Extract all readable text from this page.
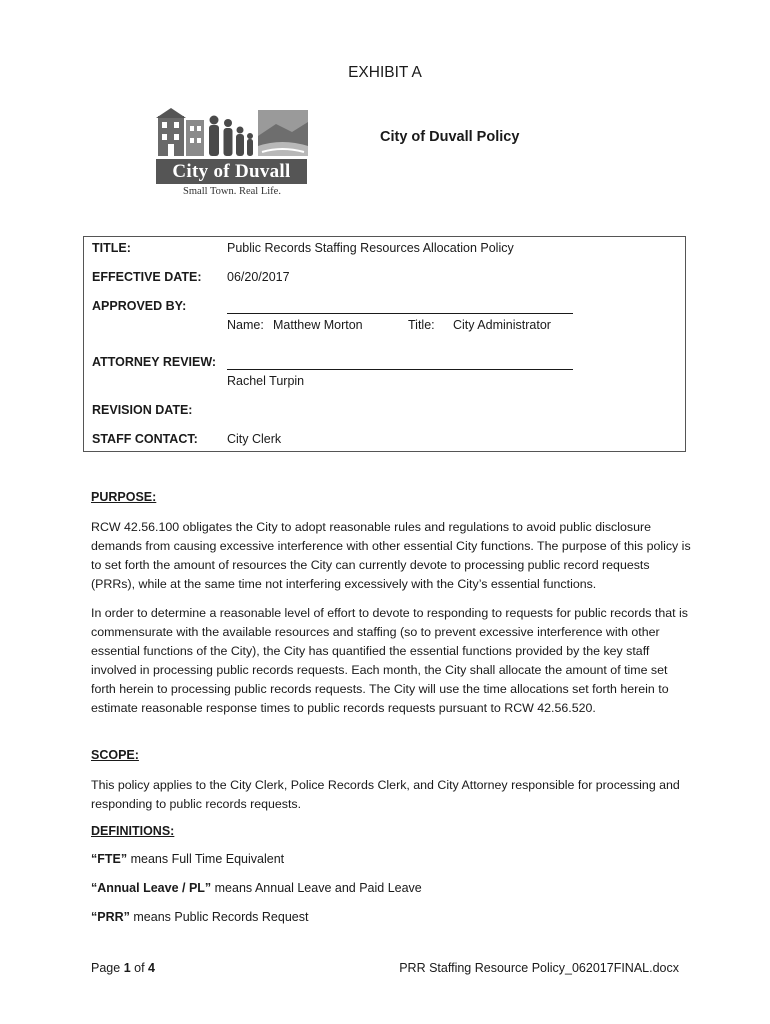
EXHIBIT A
City of Duvall
Small Town. Real Life.
City of Duvall Policy
TITLE:	Public Records Staffing Resources Allocation Policy
EFFECTIVE DATE: 06/20/2017
APPROVED BY:
Name: Matthew Morton	Title: City Administrator
ATTORNEY REVIEW:
Rachel Turpin
REVISION DATE:
STAFF CONTACT: City Clerk
PURPOSE:

RCW 42.56.100 obligates the City to adopt reasonable rules and regulations to avoid public disclosure demands from causing excessive interference with other essential City functions. The purpose of this policy is to set forth the amount of resources the City can currently devote to processing public record requests (PRRs), while at the same time not interfering excessively with the City’s essential functions.

In order to determine a reasonable level of effort to devote to responding to requests for public records that is commensurate with the available resources and staffing (so to prevent excessive interference with other essential functions of the City), the City has quantified the essential functions provided by the key staff involved in processing public records requests. Each month, the City shall allocate the amount of time set forth herein to processing public records requests. The City will use the time allocations set forth herein to estimate reasonable response times to public records requests pursuant to RCW 42.56.520.

SCOPE:

This policy applies to the City Clerk, Police Records Clerk, and City Attorney responsible for processing and responding to public records requests.

DEFINITIONS:
“FTE” means Full Time Equivalent
“Annual Leave / PL” means Annual Leave and Paid Leave
“PRR” means Public Records Request
Page 1 of 4	PRR Staffing Resource Policy_062017FINAL.docx
